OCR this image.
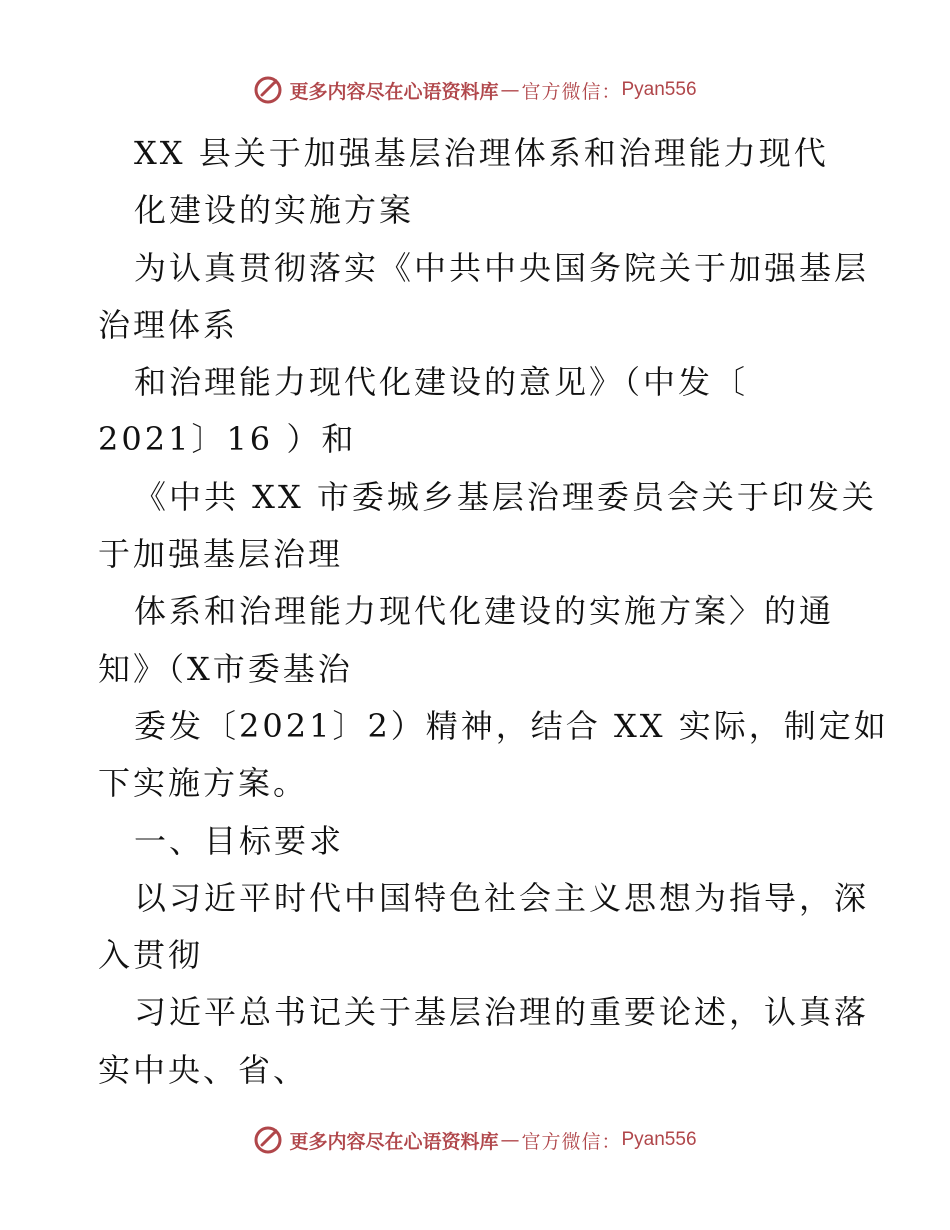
更多内容尽在心语资料库 — 官方微信： Pyan556
XX 县关于加强基层治理体系和治理能力现代
化建设的实施方案
为认真贯彻落实《中共中央国务院关于加强基层
治理体系
和治理能力现代化建设的意见》（中发〔
2021〕16 ）和
《中共 XX 市委城乡基层治理委员会关于印发关
于加强基层治理
体系和治理能力现代化建设的实施方案〉的通
知》（X市委基治
委发〔2021〕2）精神，结合 XX 实际，制定如
下实施方案。
一、目标要求
以习近平时代中国特色社会主义思想为指导，深
入贯彻
习近平总书记关于基层治理的重要论述，认真落
实中央、省、
更多内容尽在心语资料库 — 官方微信： Pyan556
